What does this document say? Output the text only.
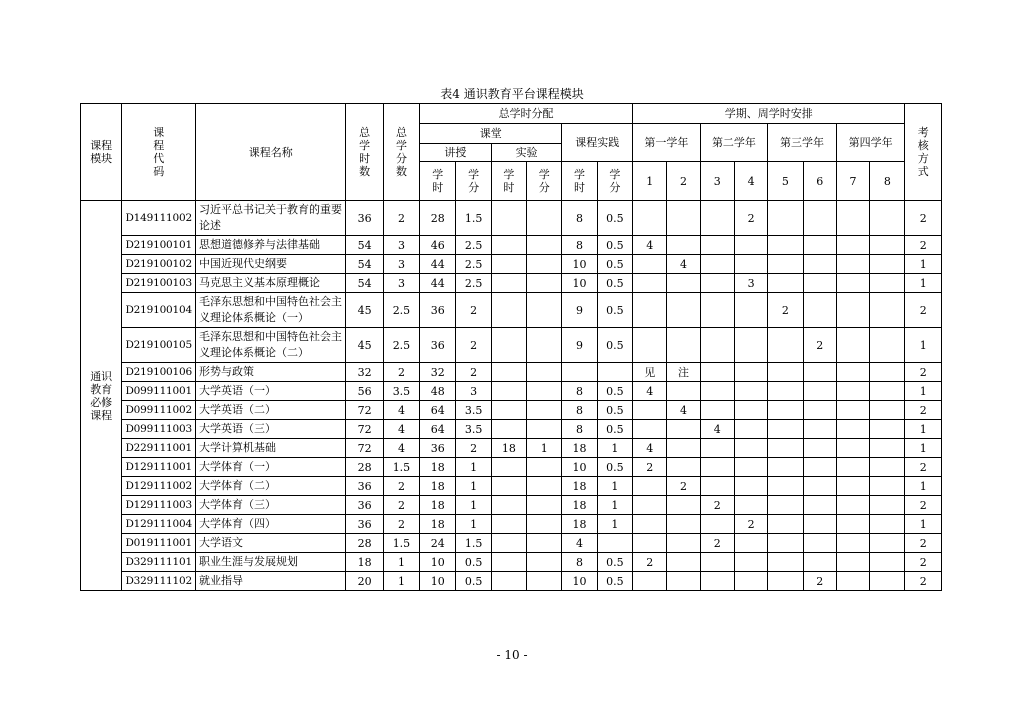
表4 通识教育平台课程模块
课程模块	课程代码	课程名称	总学时数	总学分数	总学时分配						学期、周学时安排								考核方式
					课堂				课程实践		第一学年		第二学年		第三学年		第四学年		
					讲授		实验												
					学时	学分	学时	学分	学时	学分	1	2	3	4	5	6	7	8	
通识教育必修课程	D149111002	习近平总书记关于教育的重要论述	36	2	28	1.5			8	0.5				2					2
	D219100101	思想道德修养与法律基础	54	3	46	2.5			8	0.5	4								2
	D219100102	中国近现代史纲要	54	3	44	2.5			10	0.5		4							1
	D219100103	马克思主义基本原理概论	54	3	44	2.5			10	0.5				3					1
	D219100104	毛泽东思想和中国特色社会主义理论体系概论（一）	45	2.5	36	2			9	0.5					2				2
	D219100105	毛泽东思想和中国特色社会主义理论体系概论（二）	45	2.5	36	2			9	0.5						2			1
	D219100106	形势与政策	32	2	32	2					见	注							2
	D099111001	大学英语（一）	56	3.5	48	3			8	0.5	4								1
	D099111002	大学英语（二）	72	4	64	3.5			8	0.5		4							2
	D099111003	大学英语（三）	72	4	64	3.5			8	0.5			4						1
	D229111001	大学计算机基础	72	4	36	2	18	1	18	1	4								1
	D129111001	大学体育（一）	28	1.5	18	1			10	0.5	2								2
	D129111002	大学体育（二）	36	2	18	1			18	1		2							1
	D129111003	大学体育（三）	36	2	18	1			18	1			2						2
	D129111004	大学体育（四）	36	2	18	1			18	1				2					1
	D019111001	大学语文	28	1.5	24	1.5			4				2						2
	D329111101	职业生涯与发展规划	18	1	10	0.5			8	0.5	2								2
	D329111102	就业指导	20	1	10	0.5			10	0.5						2			2
- 10 -
